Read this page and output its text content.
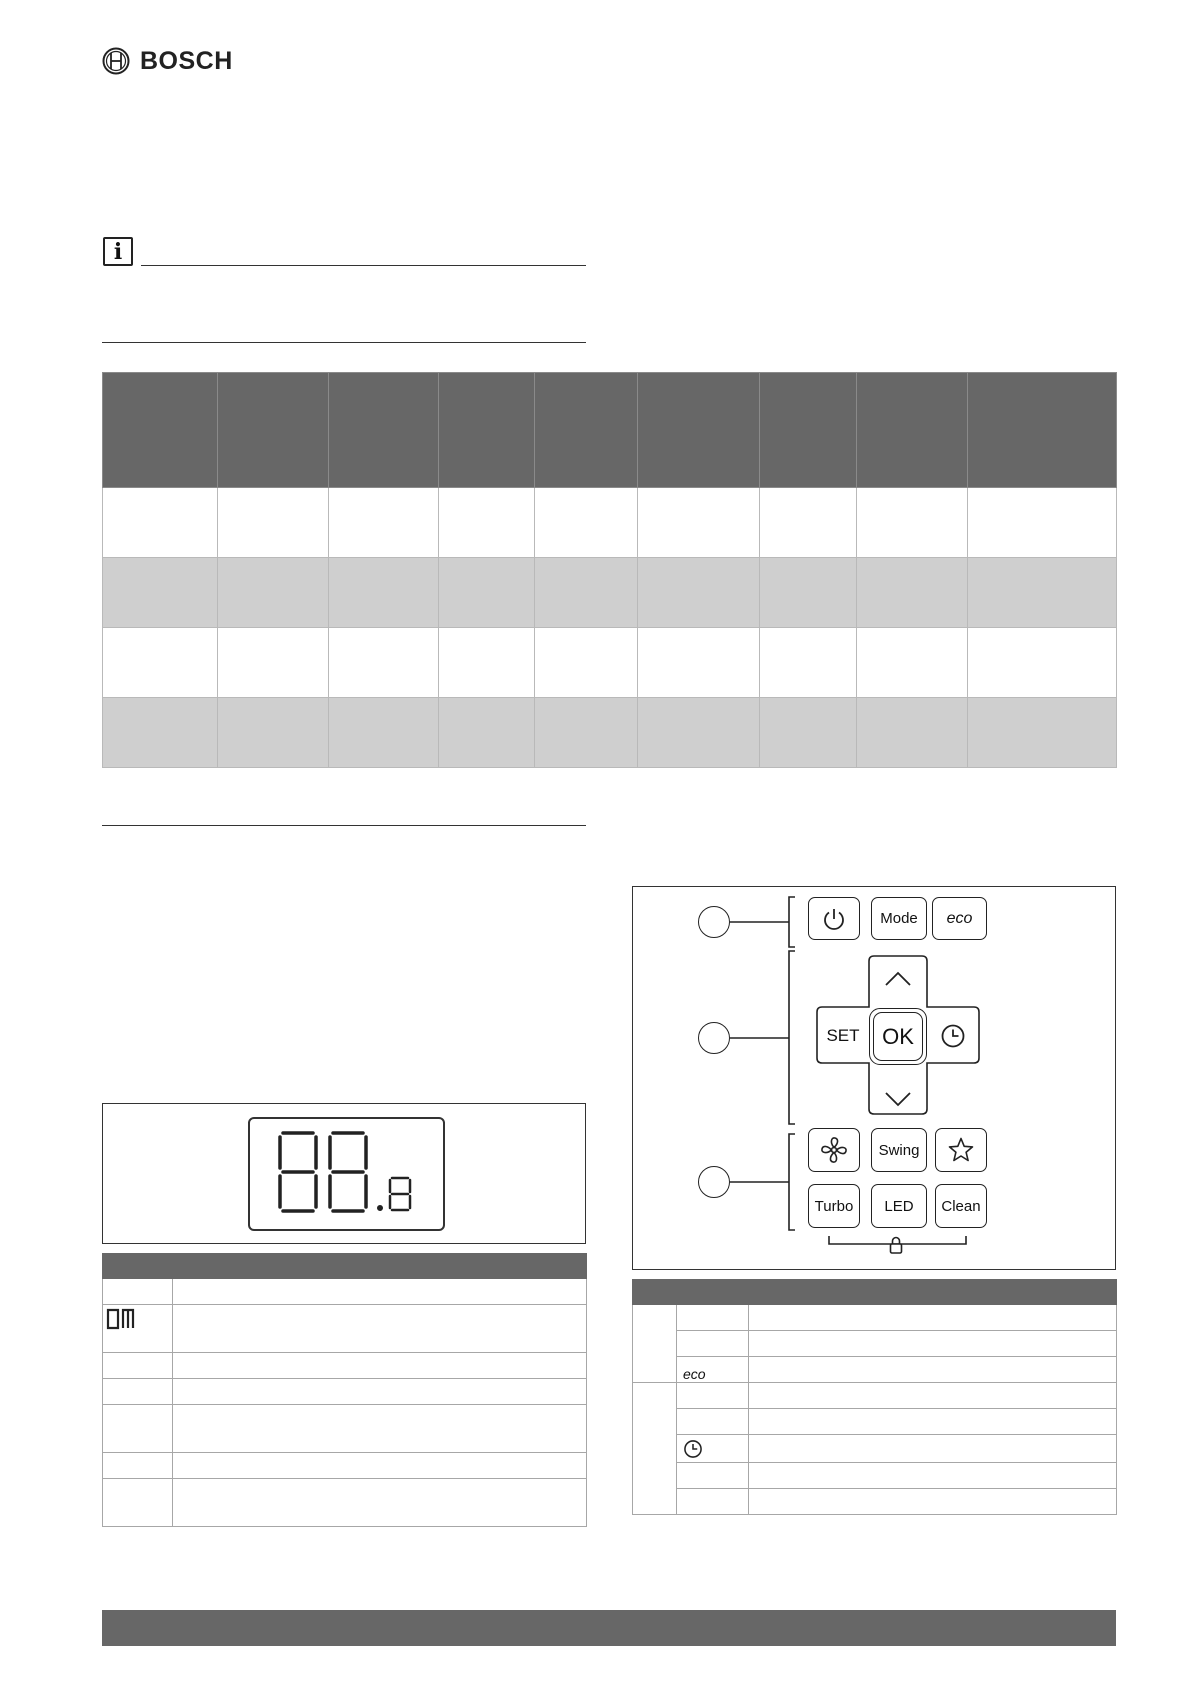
BOSCH
i

Mode	eco
SET	OK
Swing
Turbo	LED	Clean

	eco	
